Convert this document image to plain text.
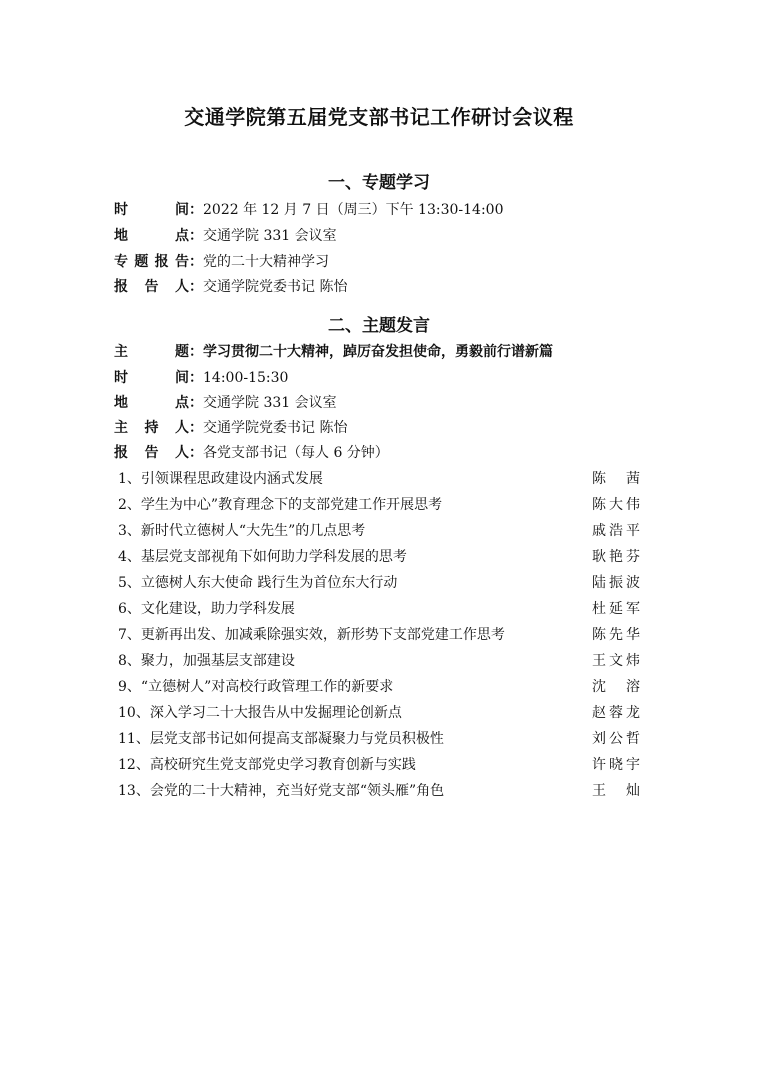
交通学院第五届党支部书记工作研讨会议程
一、专题学习
时间：2022 年 12 月 7 日（周三）下午 13:30-14:00
地点：交通学院 331 会议室
专题报告：党的二十大精神学习
报告人：交通学院党委书记 陈怡
二、主题发言
主题：学习贯彻二十大精神，踔厉奋发担使命，勇毅前行谱新篇
时间：14:00-15:30
地点：交通学院 331 会议室
主持人：交通学院党委书记 陈怡
报告人：各党支部书记（每人 6 分钟）
1、引领课程思政建设内涵式发展	陈茜
2、学生为中心”教育理念下的支部党建工作开展思考	陈大伟
3、新时代立德树人“大先生”的几点思考	戚浩平
4、基层党支部视角下如何助力学科发展的思考	耿艳芬
5、立德树人东大使命 践行生为首位东大行动	陆振波
6、文化建设，助力学科发展	杜延军
7、更新再出发、加减乘除强实效，新形势下支部党建工作思考	陈先华
8、聚力，加强基层支部建设	王文炜
9、“立德树人”对高校行政管理工作的新要求	沈溶
10、深入学习二十大报告从中发掘理论创新点	赵蓉龙
11、层党支部书记如何提高支部凝聚力与党员积极性	刘公哲
12、高校研究生党支部党史学习教育创新与实践	许晓宇
13、会党的二十大精神，充当好党支部“领头雁”角色	王灿
